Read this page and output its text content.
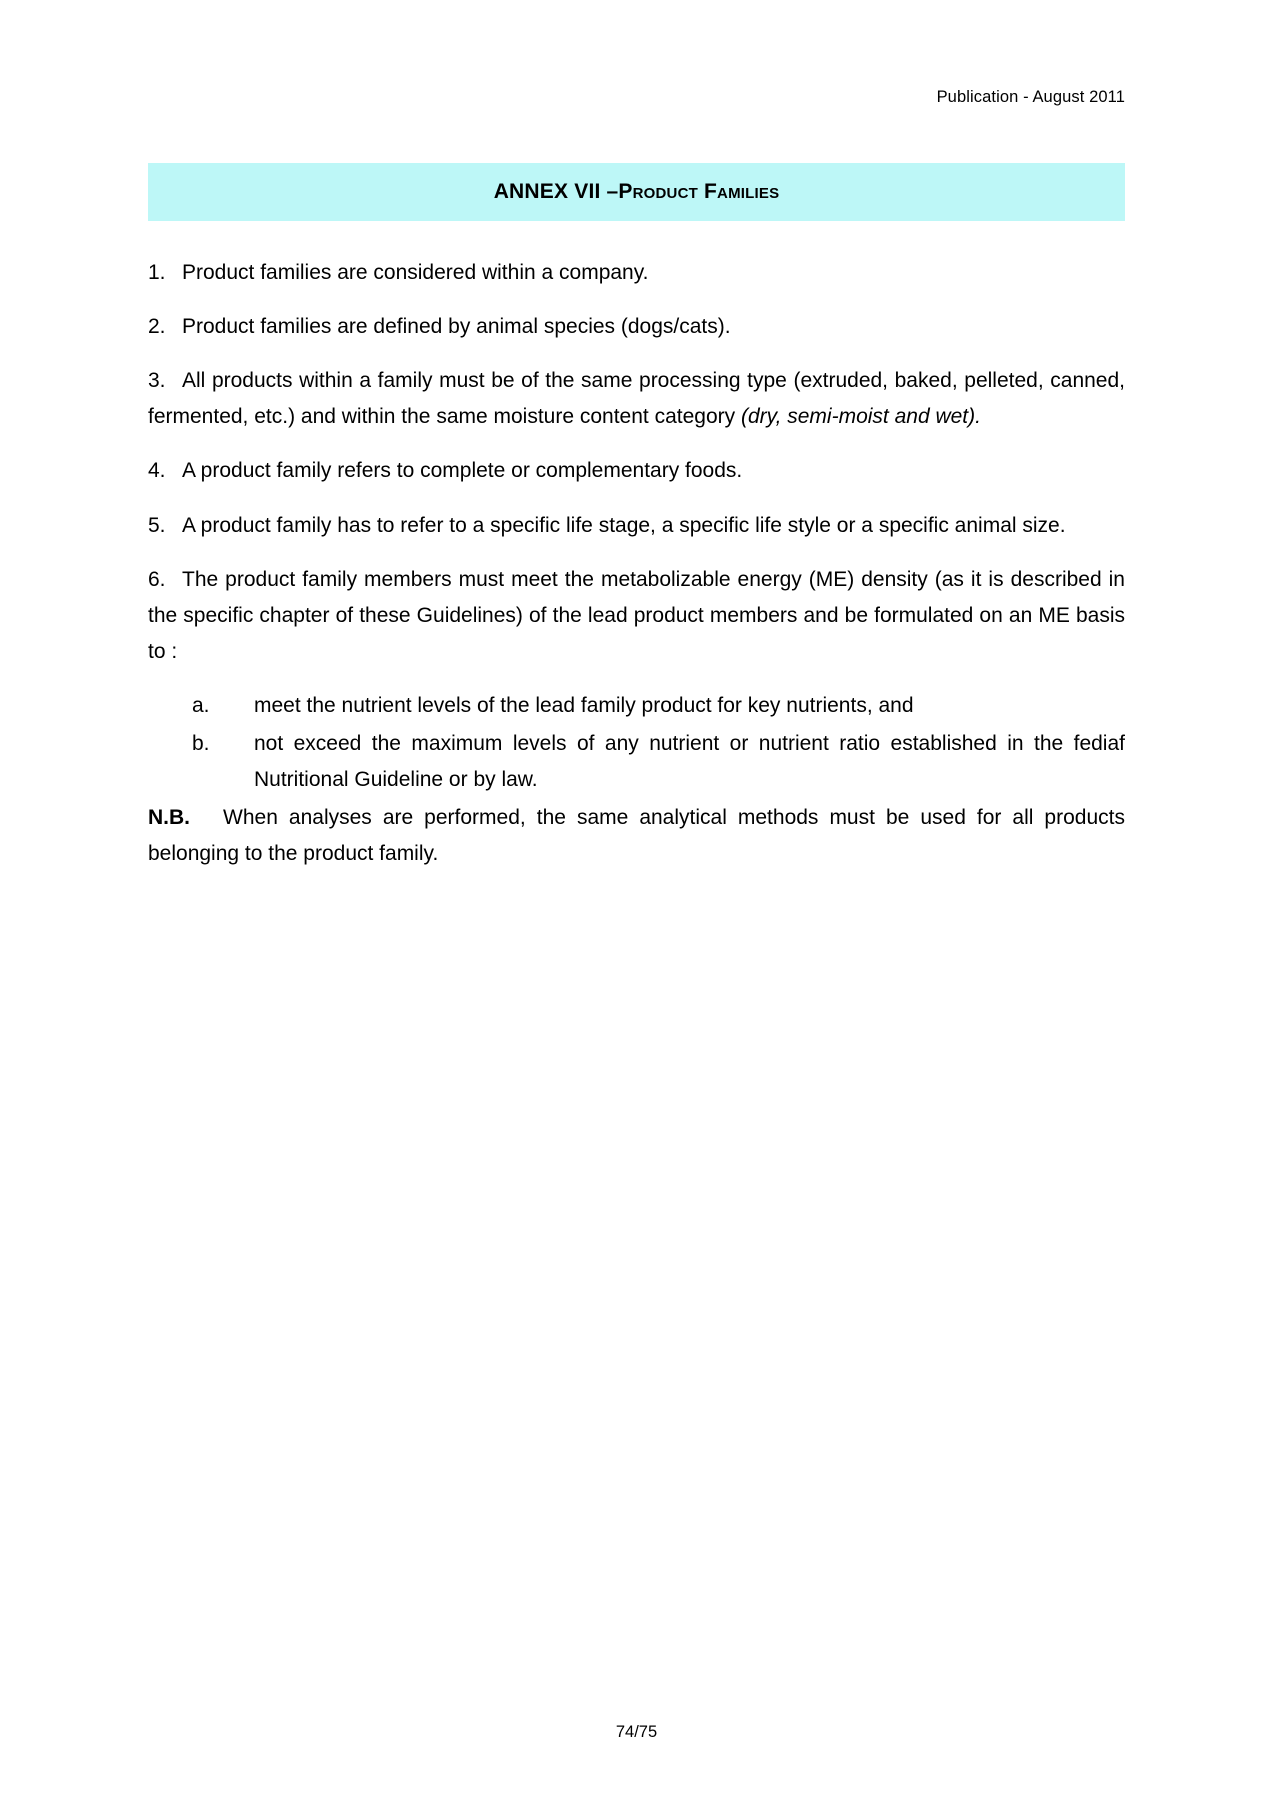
Publication - August 2011
ANNEX VII – Product Families

1. Product families are considered within a company.

2. Product families are defined by animal species (dogs/cats).

3. All products within a family must be of the same processing type (extruded, baked, pelleted, canned, fermented, etc.) and within the same moisture content category (dry, semi-moist and wet).

4. A product family refers to complete or complementary foods.

5. A product family has to refer to a specific life stage, a specific life style or a specific animal size.

6. The product family members must meet the metabolizable energy (ME) density (as it is described in the specific chapter of these Guidelines) of the lead product members and be formulated on an ME basis to :

a.	meet the nutrient levels of the lead family product for key nutrients, and
b.	not exceed the maximum levels of any nutrient or nutrient ratio established in the fediaf Nutritional Guideline or by law.

N.B. When analyses are performed, the same analytical methods must be used for all products belonging to the product family.

74/75
